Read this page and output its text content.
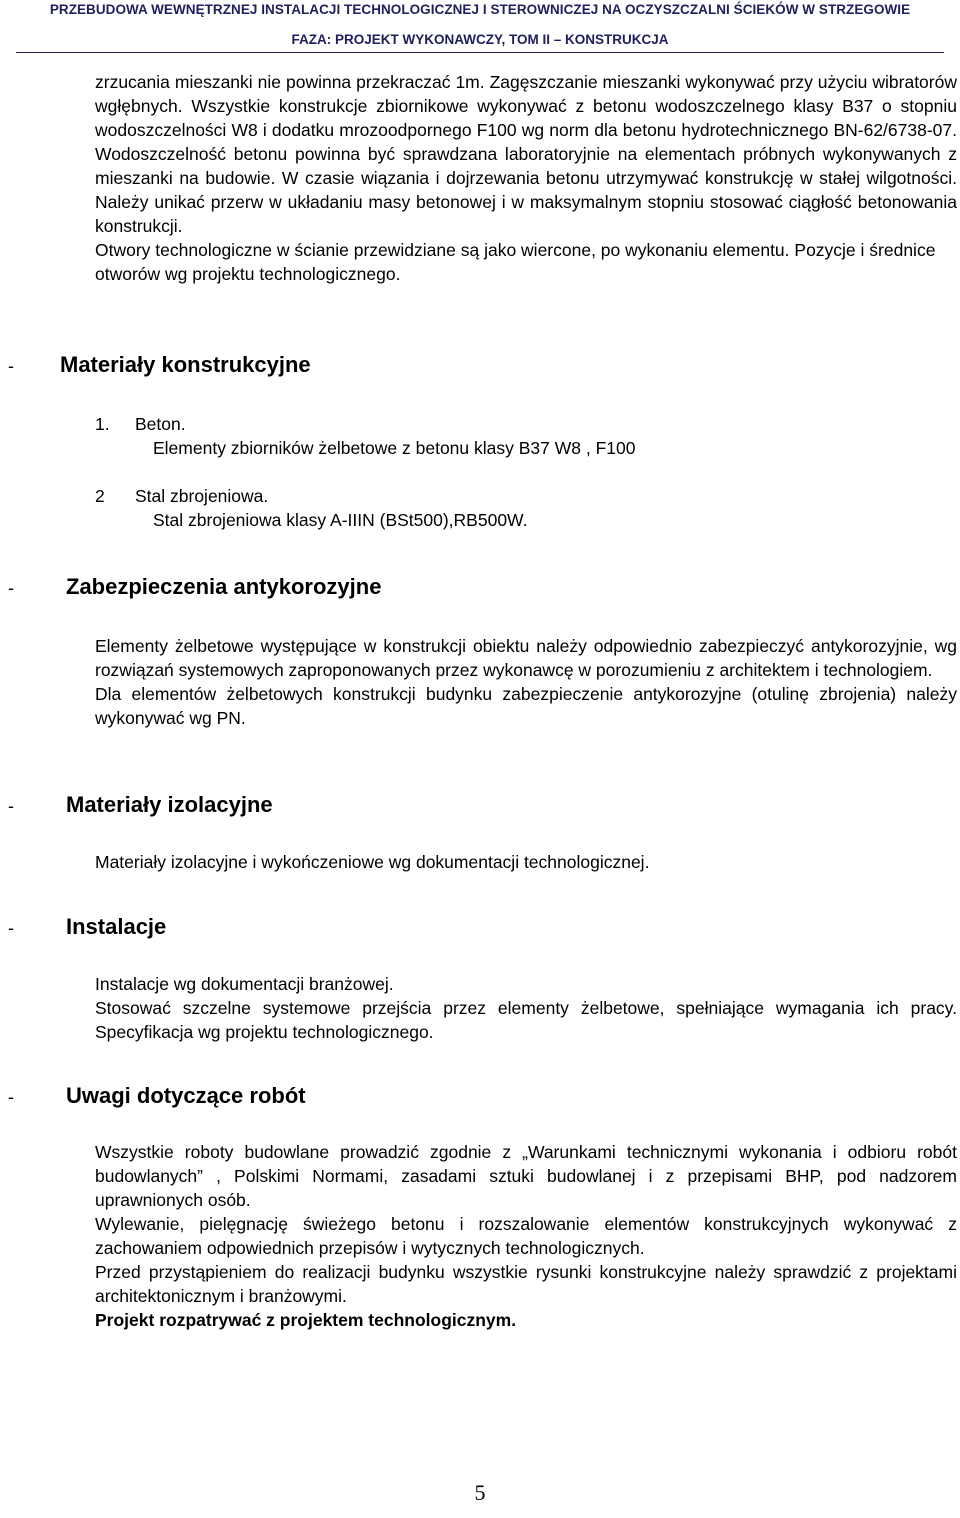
PRZEBUDOWA WEWNĘTRZNEJ INSTALACJI TECHNOLOGICZNEJ I STEROWNICZEJ NA OCZYSZCZALNI ŚCIEKÓW W STRZEGOWIE
FAZA: PROJEKT WYKONAWCZY, TOM II – KONSTRUKCJA

zrzucania mieszanki nie powinna przekraczać 1m. Zagęszczanie mieszanki wykonywać przy użyciu wibratorów wgłębnych. Wszystkie konstrukcje zbiornikowe wykonywać z betonu wodoszczelnego klasy B37 o stopniu wodoszczelności W8 i dodatku mrozoodpornego F100 wg norm dla betonu hydrotechnicznego BN-62/6738-07. Wodoszczelność betonu powinna być sprawdzana laboratoryjnie na elementach próbnych wykonywanych z mieszanki na budowie. W czasie wiązania i dojrzewania betonu utrzymywać konstrukcję w stałej wilgotności. Należy unikać przerw w układaniu masy betonowej i w maksymalnym stopniu stosować ciągłość betonowania konstrukcji.

Otwory technologiczne w ścianie przewidziane są jako wiercone, po wykonaniu elementu. Pozycje i średnice otworów wg projektu technologicznego.

-	Materiały konstrukcyjne
1. Beton.
Elementy zbiorników żelbetowe z betonu klasy B37 W8 , F100
2 Stal zbrojeniowa.
Stal zbrojeniowa klasy A-IIIN (BSt500),RB500W.
-	Zabezpieczenia antykorozyjne

Elementy żelbetowe występujące w konstrukcji obiektu należy odpowiednio zabezpieczyć antykorozyjnie, wg rozwiązań systemowych zaproponowanych przez wykonawcę w porozumieniu z architektem i technologiem.

Dla elementów żelbetowych konstrukcji budynku zabezpieczenie antykorozyjne (otulinę zbrojenia) należy wykonywać wg PN.

-	Materiały izolacyjne

Materiały izolacyjne i wykończeniowe wg dokumentacji technologicznej.

-	Instalacje

Instalacje wg dokumentacji branżowej.

Stosować szczelne systemowe przejścia przez elementy żelbetowe, spełniające wymagania ich pracy. Specyfikacja wg projektu technologicznego.

-	Uwagi dotyczące robót

Wszystkie roboty budowlane prowadzić zgodnie z „Warunkami technicznymi wykonania i odbioru robót budowlanych” , Polskimi Normami, zasadami sztuki budowlanej i z przepisami BHP, pod nadzorem uprawnionych osób.

Wylewanie, pielęgnację świeżego betonu i rozszalowanie elementów konstrukcyjnych wykonywać z zachowaniem odpowiednich przepisów i wytycznych technologicznych.

Przed przystąpieniem do realizacji budynku wszystkie rysunki konstrukcyjne należy sprawdzić z projektami architektonicznym i branżowymi.

Projekt rozpatrywać z projektem technologicznym.

5
